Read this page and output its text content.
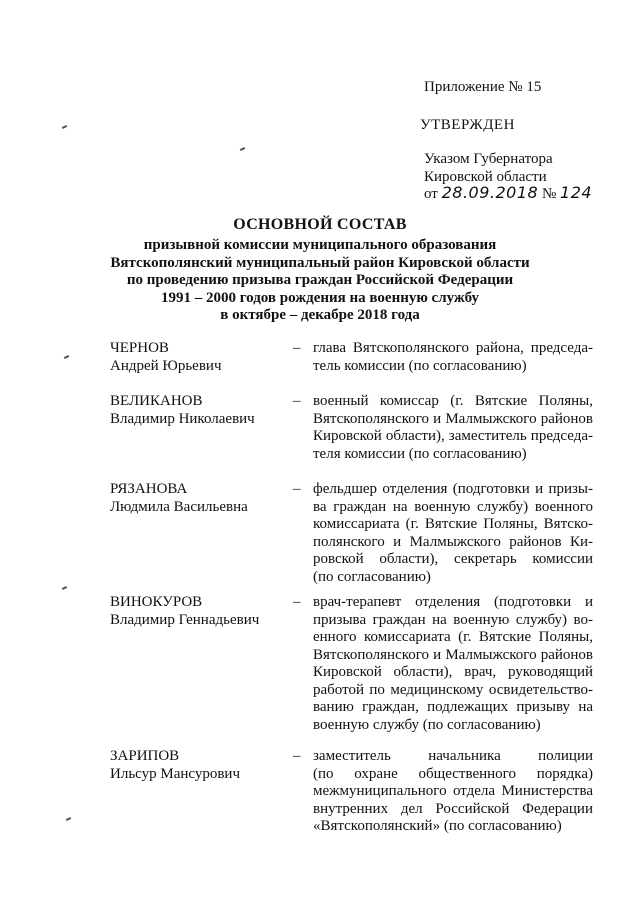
Приложение № 15
УТВЕРЖДЕН
Указом Губернатора
Кировской области
от 28.09.2018 № 124
ОСНОВНОЙ СОСТАВ
призывной комиссии муниципального образования
Вятскополянский муниципальный район Кировской области
по проведению призыва граждан Российской Федерации
1991 – 2000 годов рождения на военную службу
в октябре – декабре 2018 года
ЧЕРНОВ
Андрей Юрьевич
– глава Вятскополянского района, председа-
тель комиссии (по согласованию)
ВЕЛИКАНОВ
Владимир Николаевич
– военный комиссар (г. Вятские Поляны,
Вятскополянского и Малмыжского районов
Кировской области), заместитель председа-
теля комиссии (по согласованию)
РЯЗАНОВА
Людмила Васильевна
– фельдшер отделения (подготовки и призы-
ва граждан на военную службу) военного
комиссариата (г. Вятские Поляны, Вятско-
полянского и Малмыжского районов Ки-
ровской области), секретарь комиссии
(по согласованию)
ВИНОКУРОВ
Владимир Геннадьевич
– врач-терапевт отделения (подготовки и
призыва граждан на военную службу) во-
енного комиссариата (г. Вятские Поляны,
Вятскополянского и Малмыжского районов
Кировской области), врач, руководящий
работой по медицинскому освидетельство-
ванию граждан, подлежащих призыву на
военную службу (по согласованию)
ЗАРИПОВ
Ильсур Мансурович
– заместитель начальника полиции
(по охране общественного порядка)
межмуниципального отдела Министерства
внутренних дел Российской Федерации
«Вятскополянский» (по согласованию)
